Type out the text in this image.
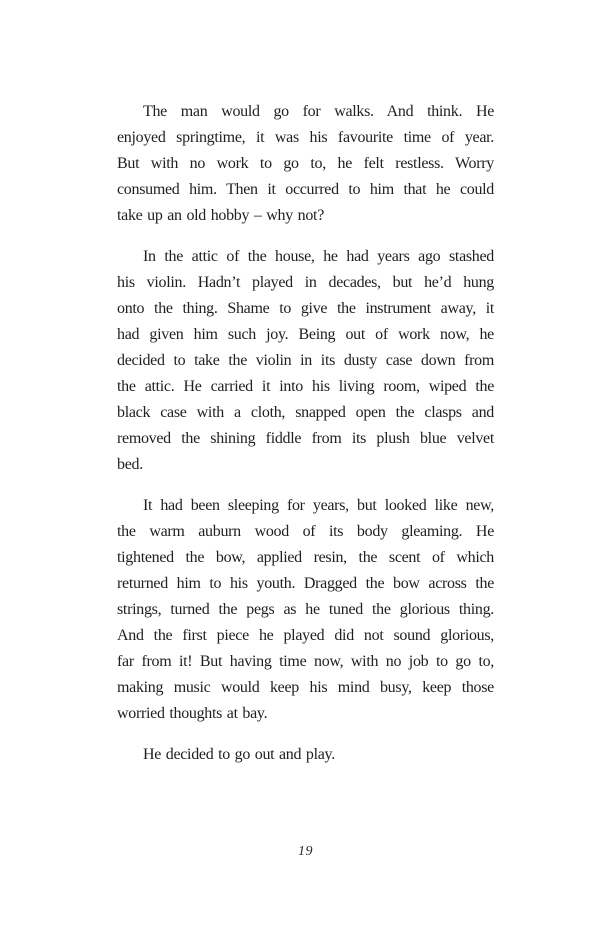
The man would go for walks. And think. He
enjoyed springtime, it was his favourite time of year.
But with no work to go to, he felt restless. Worry
consumed him. Then it occurred to him that he could
take up an old hobby – why not?
In the attic of the house, he had years ago stashed
his violin. Hadn’t played in decades, but he’d hung
onto the thing. Shame to give the instrument away, it
had given him such joy. Being out of work now, he
decided to take the violin in its dusty case down from
the attic. He carried it into his living room, wiped the
black case with a cloth, snapped open the clasps and
removed the shining fiddle from its plush blue velvet
bed.
It had been sleeping for years, but looked like new,
the warm auburn wood of its body gleaming. He
tightened the bow, applied resin, the scent of which
returned him to his youth. Dragged the bow across the
strings, turned the pegs as he tuned the glorious thing.
And the first piece he played did not sound glorious,
far from it! But having time now, with no job to go to,
making music would keep his mind busy, keep those
worried thoughts at bay.
He decided to go out and play.
19
